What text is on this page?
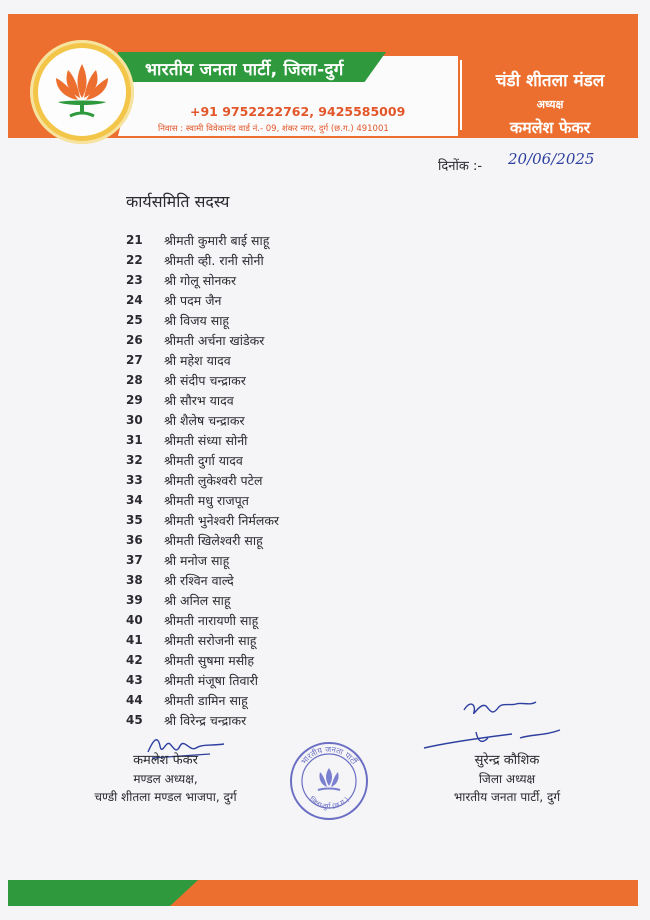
भारतीय जनता पार्टी, जिला-दुर्ग
+91 9752222762, 9425585009
निवास : स्वामी विवेकानंद वार्ड नं.- 09, शंकर नगर, दुर्ग (छ.ग.) 491001
चंडी शीतला मंडल
अध्यक्ष
कमलेश फेकर
दिनोंक :- 20/06/2025
कार्यसमिति सदस्य
21	श्रीमती कुमारी बाई साहू
22	श्रीमती व्ही. रानी सोनी
23	श्री गोलू सोनकर
24	श्री पदम जैन
25	श्री विजय साहू
26	श्रीमती अर्चना खांडेकर
27	श्री महेश यादव
28	श्री संदीप चन्द्राकर
29	श्री सौरभ यादव
30	श्री शैलेष चन्द्राकर
31	श्रीमती संध्या सोनी
32	श्रीमती दुर्गा यादव
33	श्रीमती लुकेश्वरी पटेल
34	श्रीमती मधु राजपूत
35	श्रीमती भुनेश्वरी निर्मलकर
36	श्रीमती खिलेश्वरी साहू
37	श्री मनोज साहू
38	श्री रश्विन वाल्दे
39	श्री अनिल साहू
40	श्रीमती नारायणी साहू
41	श्रीमती सरोजनी साहू
42	श्रीमती सुषमा मसीह
43	श्रीमती मंजूषा तिवारी
44	श्रीमती डामिन साहू
45	श्री विरेन्द्र चन्द्राकर
कमलेश फेकर
मण्डल अध्यक्ष,
चण्डी शीतला मण्डल भाजपा, दुर्ग
भारतीय जनता पार्टी
जिला-दुर्ग (छ.ग.)
सुरेन्द्र कौशिक
जिला अध्यक्ष
भारतीय जनता पार्टी, दुर्ग
